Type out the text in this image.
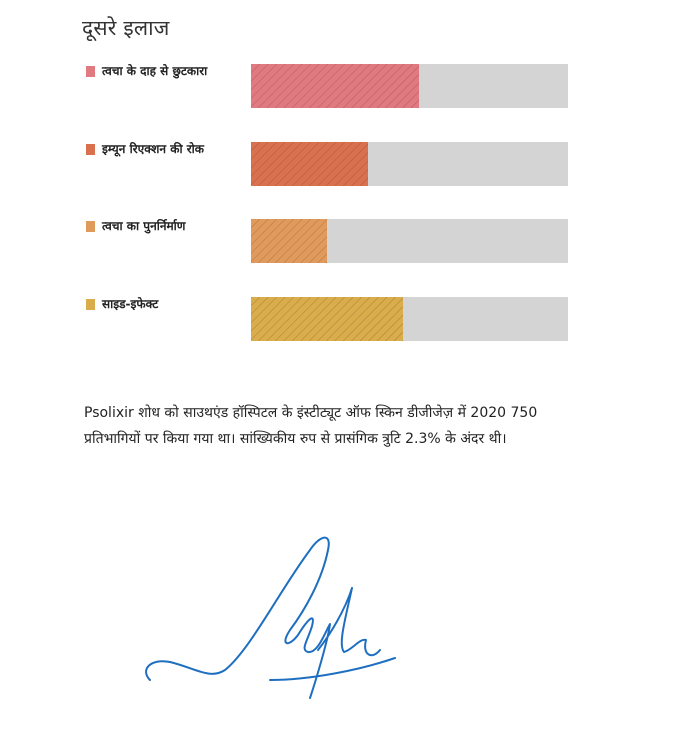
दूसरे इलाज
त्वचा के दाह से छुटकारा
इम्यून रिएक्शन की रोक
त्वचा का पुनर्निर्माण
साइड-इफेक्ट
Psolixir शोध को साउथएंड हॉस्पिटल के इंस्टीट्यूट ऑफ स्किन डीजीजेज़ में 2020 750 प्रतिभागियों पर किया गया था। सांख्यिकीय रुप से प्रासंगिक त्रुटि 2.3% के अंदर थी।
